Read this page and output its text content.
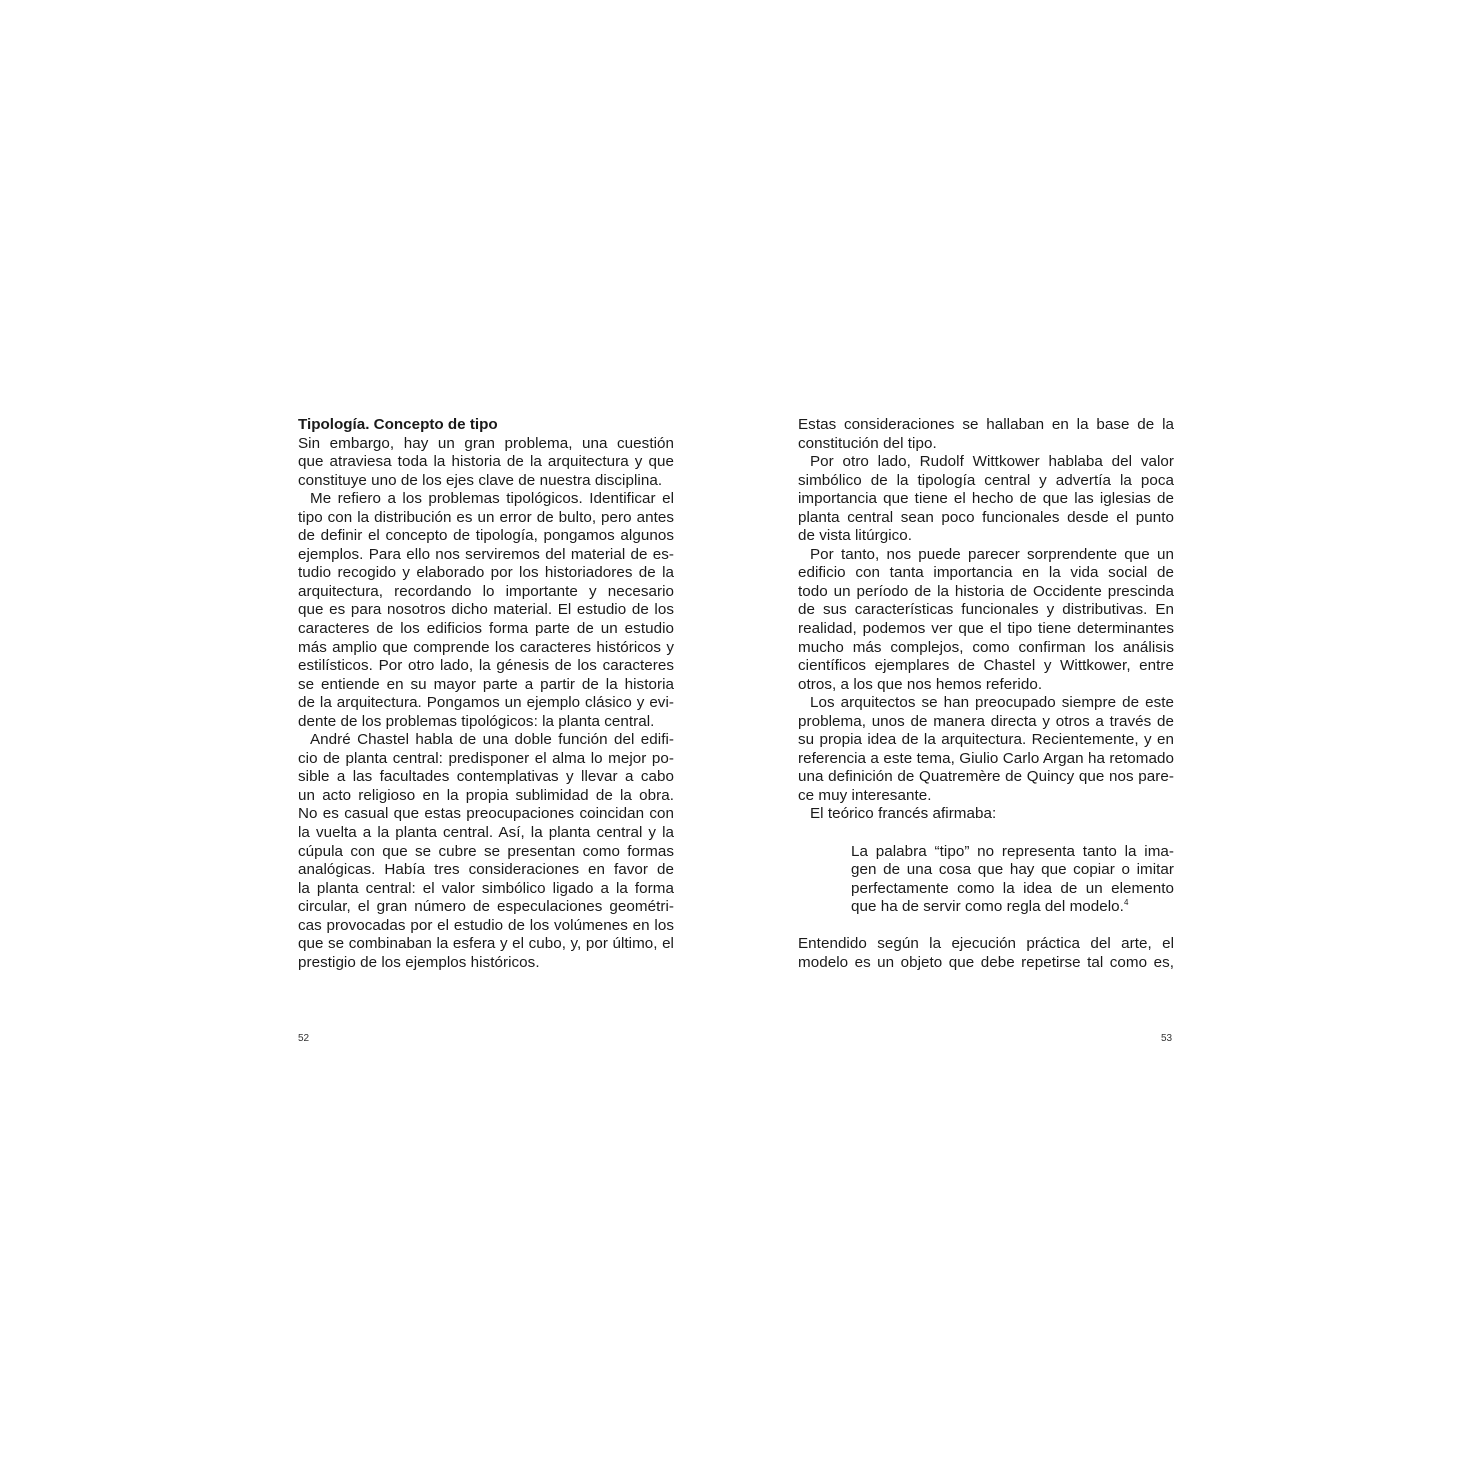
Tipología. Concepto de tipo
Sin embargo, hay un gran problema, una cuestión
que atraviesa toda la historia de la arquitectura y que
constituye uno de los ejes clave de nuestra disciplina.
Me refiero a los problemas tipológicos. Identificar el
tipo con la distribución es un error de bulto, pero antes
de definir el concepto de tipología, pongamos algunos
ejemplos. Para ello nos serviremos del material de es-
tudio recogido y elaborado por los historiadores de la
arquitectura, recordando lo importante y necesario
que es para nosotros dicho material. El estudio de los
caracteres de los edificios forma parte de un estudio
más amplio que comprende los caracteres históricos y
estilísticos. Por otro lado, la génesis de los caracteres
se entiende en su mayor parte a partir de la historia
de la arquitectura. Pongamos un ejemplo clásico y evi-
dente de los problemas tipológicos: la planta central.
André Chastel habla de una doble función del edifi-
cio de planta central: predisponer el alma lo mejor po-
sible a las facultades contemplativas y llevar a cabo
un acto religioso en la propia sublimidad de la obra.
No es casual que estas preocupaciones coincidan con
la vuelta a la planta central. Así, la planta central y la
cúpula con que se cubre se presentan como formas
analógicas. Había tres consideraciones en favor de
la planta central: el valor simbólico ligado a la forma
circular, el gran número de especulaciones geométri-
cas provocadas por el estudio de los volúmenes en los
que se combinaban la esfera y el cubo, y, por último, el
prestigio de los ejemplos históricos.
Estas consideraciones se hallaban en la base de la
constitución del tipo.
Por otro lado, Rudolf Wittkower hablaba del valor
simbólico de la tipología central y advertía la poca
importancia que tiene el hecho de que las iglesias de
planta central sean poco funcionales desde el punto
de vista litúrgico.
Por tanto, nos puede parecer sorprendente que un
edificio con tanta importancia en la vida social de
todo un período de la historia de Occidente prescinda
de sus características funcionales y distributivas. En
realidad, podemos ver que el tipo tiene determinantes
mucho más complejos, como confirman los análisis
científicos ejemplares de Chastel y Wittkower, entre
otros, a los que nos hemos referido.
Los arquitectos se han preocupado siempre de este
problema, unos de manera directa y otros a través de
su propia idea de la arquitectura. Recientemente, y en
referencia a este tema, Giulio Carlo Argan ha retomado
una definición de Quatremère de Quincy que nos pare-
ce muy interesante.
El teórico francés afirmaba:
La palabra “tipo” no representa tanto la ima-
gen de una cosa que hay que copiar o imitar
perfectamente como la idea de un elemento
que ha de servir como regla del modelo.$^4$
Entendido según la ejecución práctica del arte, el
modelo es un objeto que debe repetirse tal como es,
52	53
